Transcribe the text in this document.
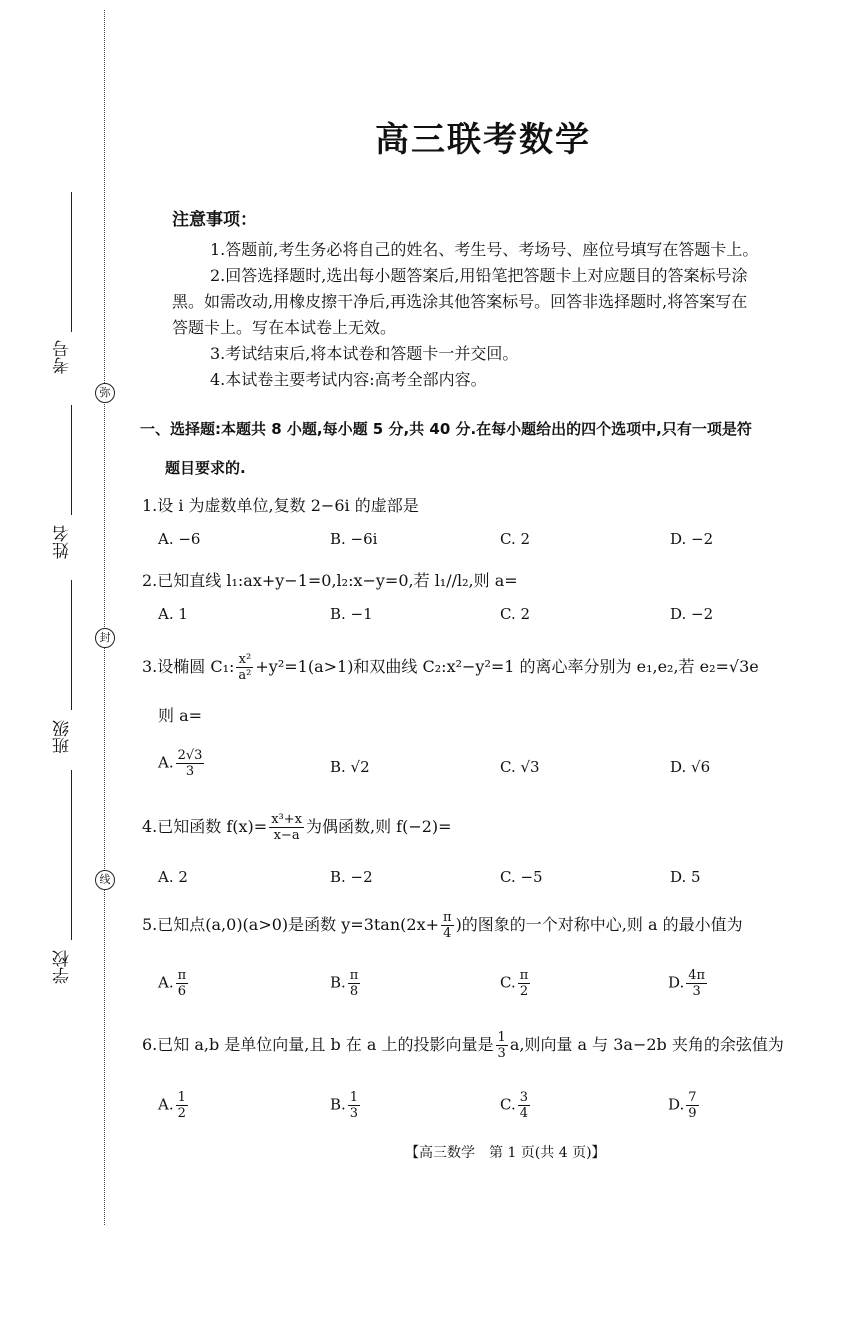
考号
弥
姓名
封
班级
线
学校
高三联考数学
注意事项：
1.答题前,考生务必将自己的姓名、考生号、考场号、座位号填写在答题卡上。
2.回答选择题时,选出每小题答案后,用铅笔把答题卡上对应题目的答案标号涂
黑。如需改动,用橡皮擦干净后,再选涂其他答案标号。回答非选择题时,将答案写在
答题卡上。写在本试卷上无效。
3.考试结束后,将本试卷和答题卡一并交回。
4.本试卷主要考试内容:高考全部内容。
一、选择题:本题共 8 小题,每小题 5 分,共 40 分.在每小题给出的四个选项中,只有一项是符
题目要求的.
1.设 i 为虚数单位,复数 2−6i 的虚部是
A. −6	B. −6i	C. 2	D. −2
2.已知直线 l₁:ax+y−1=0,l₂:x−y=0,若 l₁//l₂,则 a=
A. 1	B. −1	C. 2	D. −2
3.设椭圆 C₁: $\frac{\text{x²}}{\text{a²}} +y^2=1(a>1)$和双曲线 C₂:x²−y²=1 的离心率分别为 e₁,e₂,若 e₂=√3e
则 a=
A. $\frac{2√3}{3}$	B. √2	C. √3	D. √6
4.已知函数 $f(x)= \frac{\text{x³+x}}{x-a}$ 为偶函数,则 f(−2)=
A. 2	B. −2	C. −5	D. 5
5.已知点(a,0)(a>0)是函数 $y=3\tan(2x+ \frac{\pi}{4}$ )的图象的一个对称中心,则 a 的最小值为
A. $\frac{\pi}{6}$	B. $\frac{\pi}{8}$	C. $\frac{\pi}{2}$	D. $\frac{4\pi}{3}$
6.已知 a,b 是单位向量,且 b 在 a 上的投影向量是 $\frac{1}{3} a$,则向量 a 与 3a−2b 夹角的余弦值为
A. $\frac{1}{2}$	B. $\frac{1}{3}$	C. $\frac{3}{4}$	D. $\frac{7}{9}$
【高三数学　第 1 页(共 4 页)】
